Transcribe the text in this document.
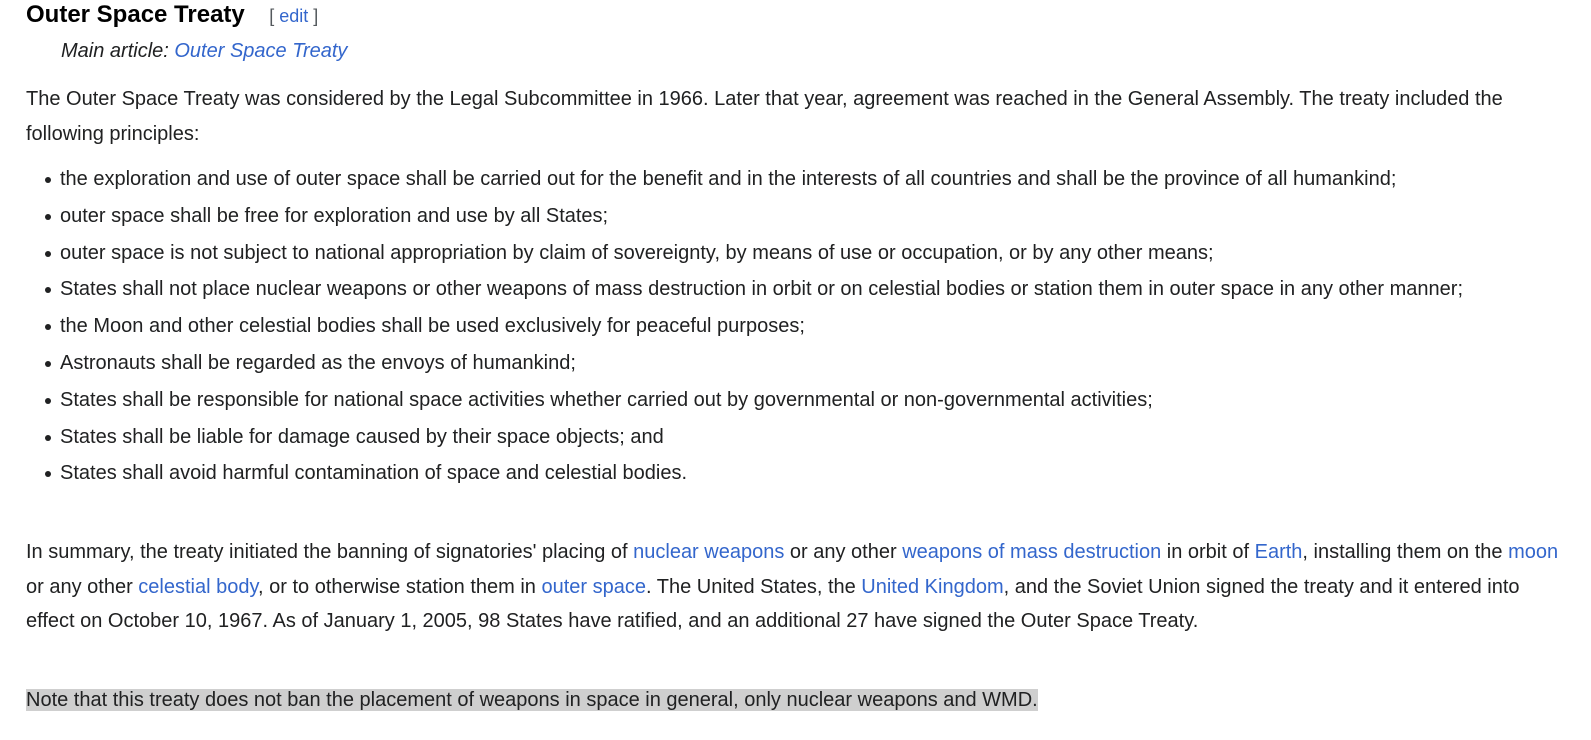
Outer Space Treaty [ edit ]
Main article: Outer Space Treaty

The Outer Space Treaty was considered by the Legal Subcommittee in 1966. Later that year, agreement was reached in the General Assembly. The treaty included the following principles:

the exploration and use of outer space shall be carried out for the benefit and in the interests of all countries and shall be the province of all humankind;
outer space shall be free for exploration and use by all States;
outer space is not subject to national appropriation by claim of sovereignty, by means of use or occupation, or by any other means;
States shall not place nuclear weapons or other weapons of mass destruction in orbit or on celestial bodies or station them in outer space in any other manner;
the Moon and other celestial bodies shall be used exclusively for peaceful purposes;
Astronauts shall be regarded as the envoys of humankind;
States shall be responsible for national space activities whether carried out by governmental or non-governmental activities;
States shall be liable for damage caused by their space objects; and
States shall avoid harmful contamination of space and celestial bodies.

In summary, the treaty initiated the banning of signatories' placing of nuclear weapons or any other weapons of mass destruction in orbit of Earth, installing them on the moon or any other celestial body, or to otherwise station them in outer space. The United States, the United Kingdom, and the Soviet Union signed the treaty and it entered into effect on October 10, 1967. As of January 1, 2005, 98 States have ratified, and an additional 27 have signed the Outer Space Treaty.

Note that this treaty does not ban the placement of weapons in space in general, only nuclear weapons and WMD.
